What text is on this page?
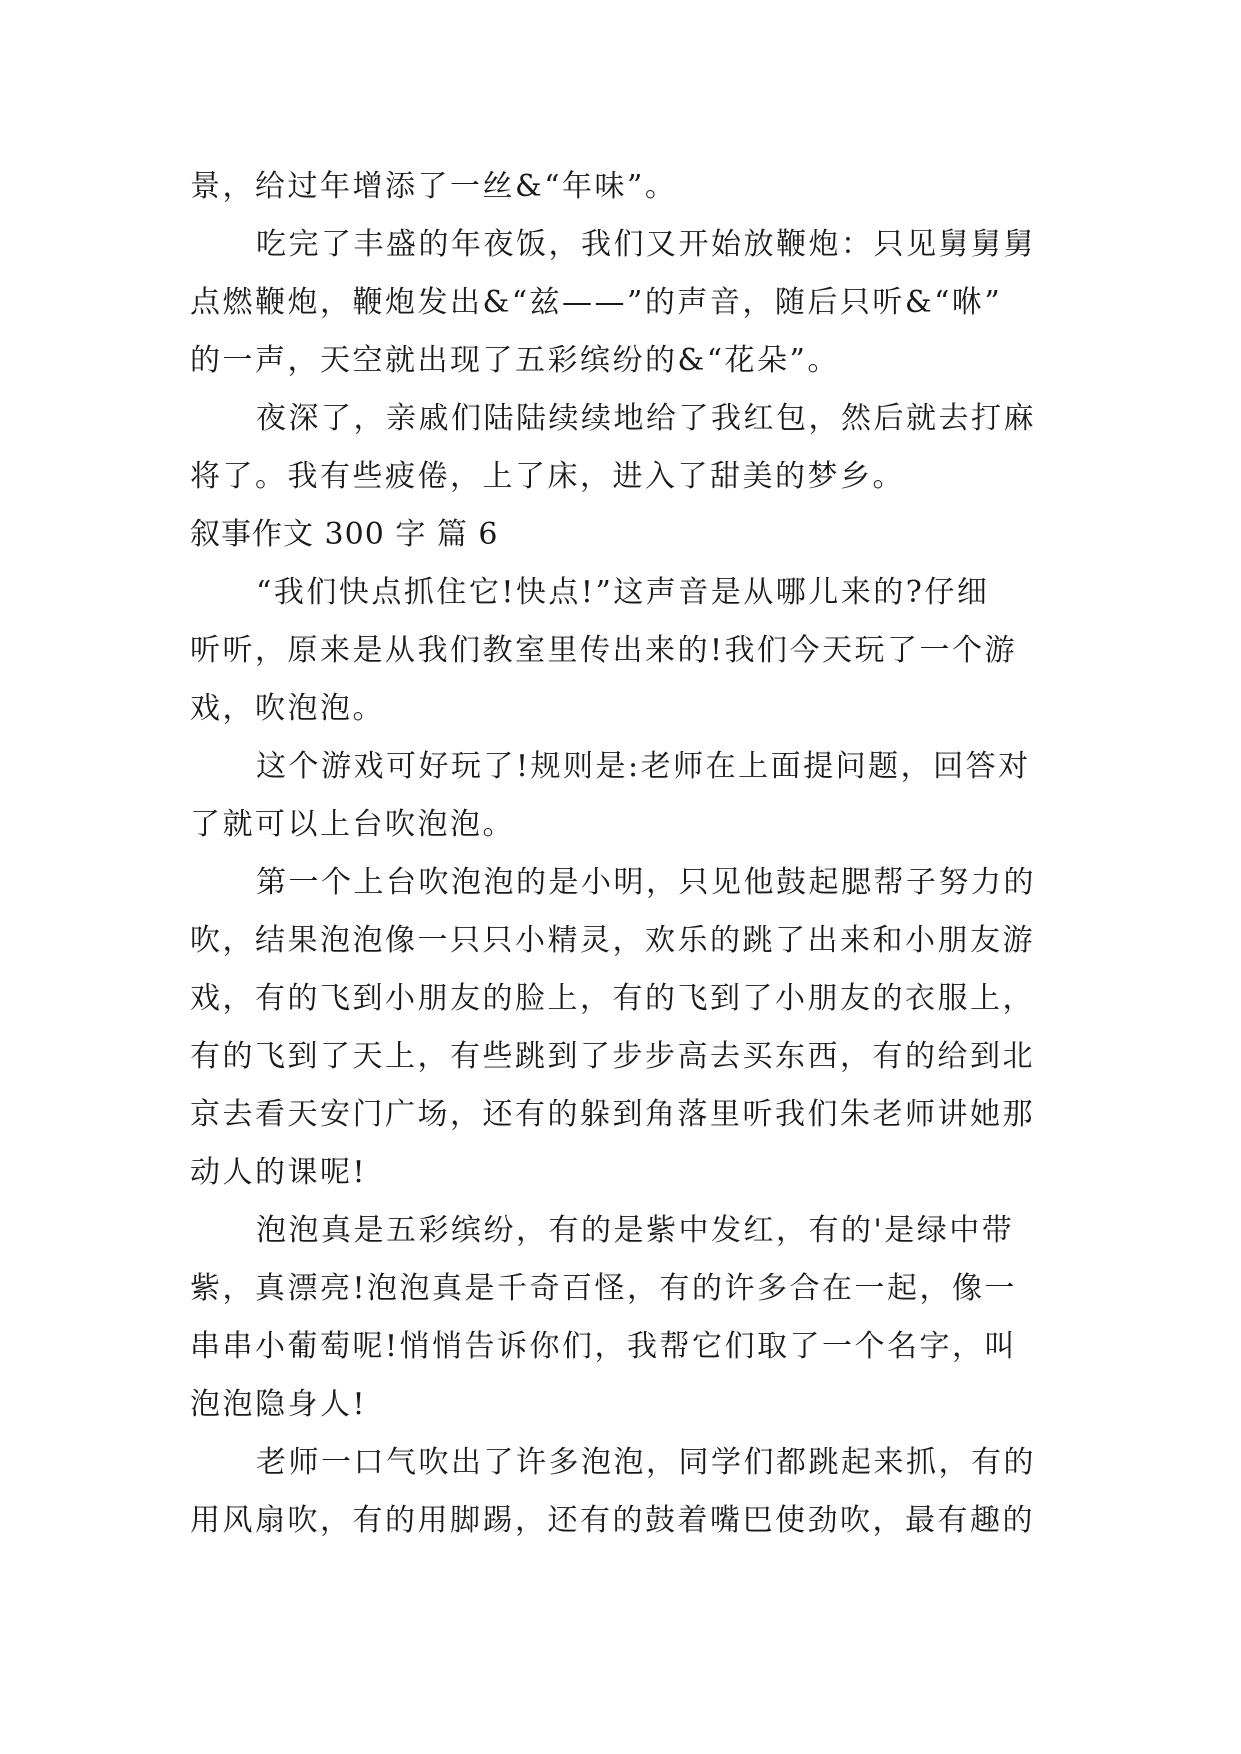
景，给过年增添了一丝&“年味”。
吃完了丰盛的年夜饭，我们又开始放鞭炮：只见舅舅舅
点燃鞭炮，鞭炮发出&“兹——”的声音，随后只听&“咻”
的一声，天空就出现了五彩缤纷的&“花朵”。
夜深了，亲戚们陆陆续续地给了我红包，然后就去打麻
将了。我有些疲倦，上了床，进入了甜美的梦乡。
叙事作文 300 字 篇 6
“我们快点抓住它!快点!”这声音是从哪儿来的?仔细
听听，原来是从我们教室里传出来的!我们今天玩了一个游
戏，吹泡泡。
这个游戏可好玩了!规则是:老师在上面提问题，回答对
了就可以上台吹泡泡。
第一个上台吹泡泡的是小明，只见他鼓起腮帮子努力的
吹，结果泡泡像一只只小精灵，欢乐的跳了出来和小朋友游
戏，有的飞到小朋友的脸上，有的飞到了小朋友的衣服上，
有的飞到了天上，有些跳到了步步高去买东西，有的给到北
京去看天安门广场，还有的躲到角落里听我们朱老师讲她那
动人的课呢!
泡泡真是五彩缤纷，有的是紫中发红，有的'是绿中带
紫，真漂亮!泡泡真是千奇百怪，有的许多合在一起，像一
串串小葡萄呢!悄悄告诉你们，我帮它们取了一个名字，叫
泡泡隐身人!
老师一口气吹出了许多泡泡，同学们都跳起来抓，有的
用风扇吹，有的用脚踢，还有的鼓着嘴巴使劲吹，最有趣的
